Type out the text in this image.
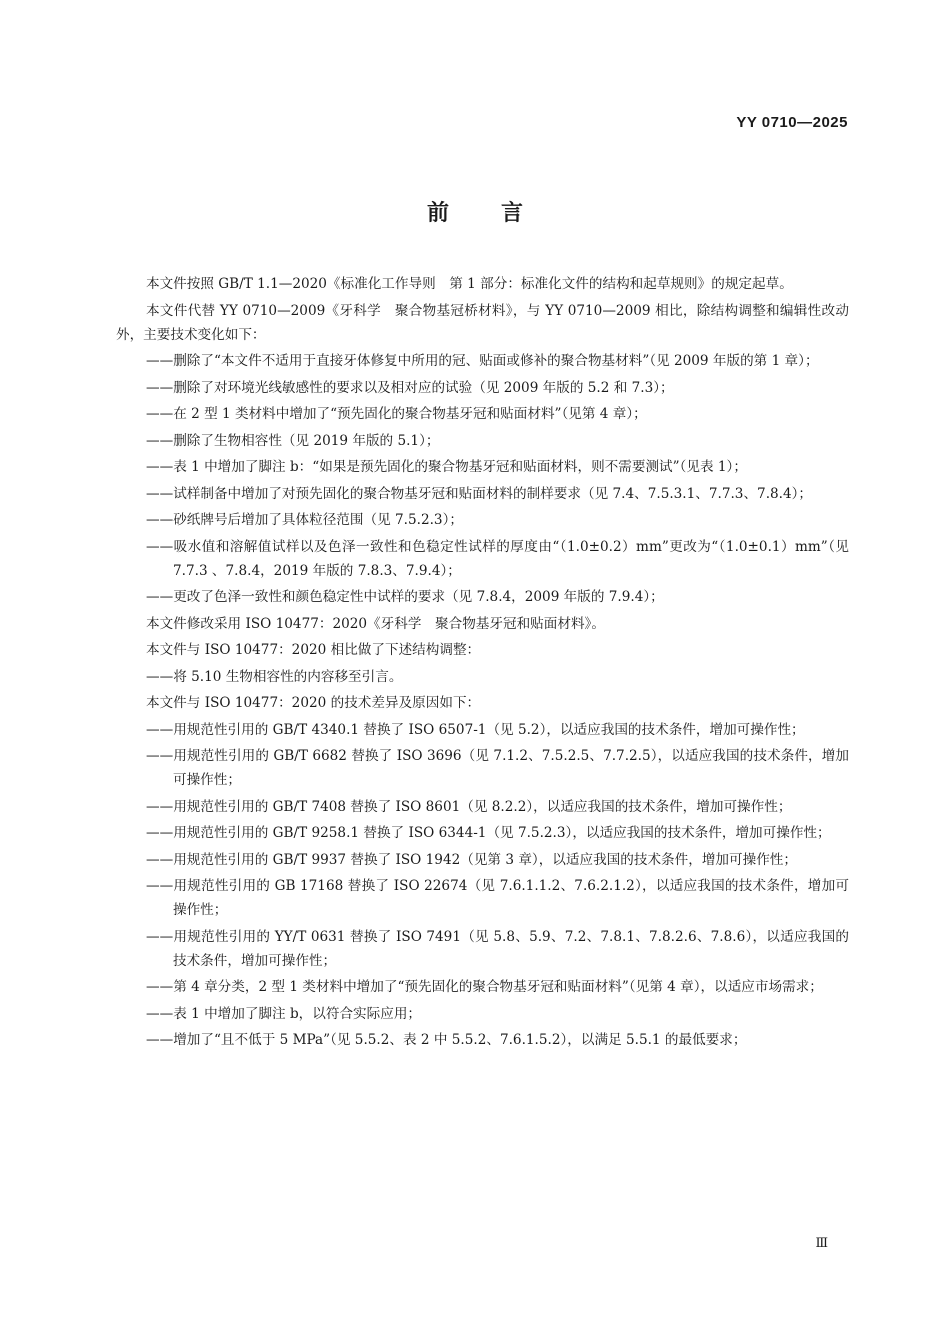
YY 0710—2025
前言

本文件按照 GB/T 1.1—2020《标准化工作导则　第 1 部分：标准化文件的结构和起草规则》的规定起草。

本文件代替 YY 0710—2009《牙科学　聚合物基冠桥材料》，与 YY 0710—2009 相比，除结构调整和编辑性改动外，主要技术变化如下：

——删除了“本文件不适用于直接牙体修复中所用的冠、贴面或修补的聚合物基材料”（见 2009 年版的第 1 章）；

——删除了对环境光线敏感性的要求以及相对应的试验（见 2009 年版的 5.2 和 7.3）；

——在 2 型 1 类材料中增加了“预先固化的聚合物基牙冠和贴面材料”（见第 4 章）；

——删除了生物相容性（见 2019 年版的 5.1）；

——表 1 中增加了脚注 b：“如果是预先固化的聚合物基牙冠和贴面材料，则不需要测试”（见表 1）；

——试样制备中增加了对预先固化的聚合物基牙冠和贴面材料的制样要求（见 7.4、7.5.3.1、7.7.3、7.8.4）；

——砂纸牌号后增加了具体粒径范围（见 7.5.2.3）；

——吸水值和溶解值试样以及色泽一致性和色稳定性试样的厚度由“（1.0±0.2）mm”更改为“（1.0±0.1）mm”（见 7.7.3 、7.8.4，2019 年版的 7.8.3、7.9.4）；

——更改了色泽一致性和颜色稳定性中试样的要求（见 7.8.4，2009 年版的 7.9.4）；

本文件修改采用 ISO 10477：2020《牙科学　聚合物基牙冠和贴面材料》。

本文件与 ISO 10477：2020 相比做了下述结构调整：

——将 5.10 生物相容性的内容移至引言。

本文件与 ISO 10477：2020 的技术差异及原因如下：

——用规范性引用的 GB/T 4340.1 替换了 ISO 6507-1（见 5.2），以适应我国的技术条件，增加可操作性；

——用规范性引用的 GB/T 6682 替换了 ISO 3696（见 7.1.2、7.5.2.5、7.7.2.5），以适应我国的技术条件，增加可操作性；

——用规范性引用的 GB/T 7408 替换了 ISO 8601（见 8.2.2），以适应我国的技术条件，增加可操作性；

——用规范性引用的 GB/T 9258.1 替换了 ISO 6344-1（见 7.5.2.3），以适应我国的技术条件，增加可操作性；

——用规范性引用的 GB/T 9937 替换了 ISO 1942（见第 3 章），以适应我国的技术条件，增加可操作性；

——用规范性引用的 GB 17168 替换了 ISO 22674（见 7.6.1.1.2、7.6.2.1.2），以适应我国的技术条件，增加可操作性；

——用规范性引用的 YY/T 0631 替换了 ISO 7491（见 5.8、5.9、7.2、7.8.1、7.8.2.6、7.8.6），以适应我国的技术条件，增加可操作性；

——第 4 章分类，2 型 1 类材料中增加了“预先固化的聚合物基牙冠和贴面材料”（见第 4 章），以适应市场需求；

——表 1 中增加了脚注 b，以符合实际应用；

——增加了“且不低于 5 MPa”（见 5.5.2、表 2 中 5.5.2、7.6.1.5.2），以满足 5.5.1 的最低要求；

Ⅲ
